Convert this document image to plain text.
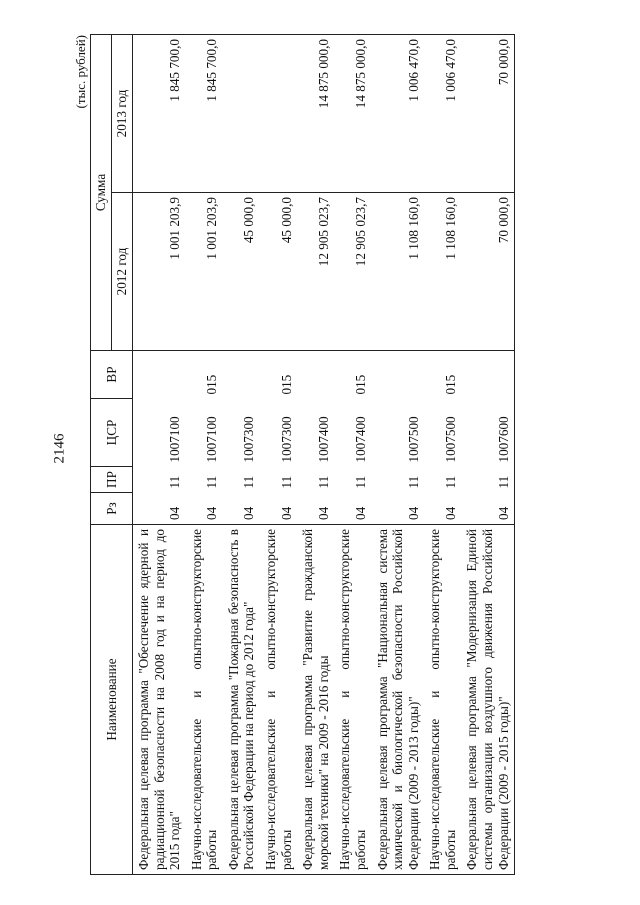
2146
(тыс. рублей)
Наименование	Рз	ПР	ЦСР	ВР	Сумма	
					2012 год	2013 год
Федеральная целевая программа "Обеспечение ядерной и радиационной безопасности на 2008 год и на период до 2015 года"	04	11	1007100		1 001 203,9	1 845 700,0
Научно-исследовательские и опытно-конструкторские работы	04	11	1007100	015	1 001 203,9	1 845 700,0
Федеральная целевая программа "Пожарная безопасность в Российской Федерации на период до 2012 года"	04	11	1007300		45 000,0	
Научно-исследовательские и опытно-конструкторские работы	04	11	1007300	015	45 000,0	
Федеральная целевая программа "Развитие гражданской морской техники" на 2009 - 2016 годы	04	11	1007400		12 905 023,7	14 875 000,0
Научно-исследовательские и опытно-конструкторские работы	04	11	1007400	015	12 905 023,7	14 875 000,0
Федеральная целевая программа "Национальная система химической и биологической безопасности Российской Федерации (2009 - 2013 годы)"	04	11	1007500		1 108 160,0	1 006 470,0
Научно-исследовательские и опытно-конструкторские работы	04	11	1007500	015	1 108 160,0	1 006 470,0
Федеральная целевая программа "Модернизация Единой системы организации воздушного движения Российской Федерации (2009 - 2015 годы)"	04	11	1007600		70 000,0	70 000,0
